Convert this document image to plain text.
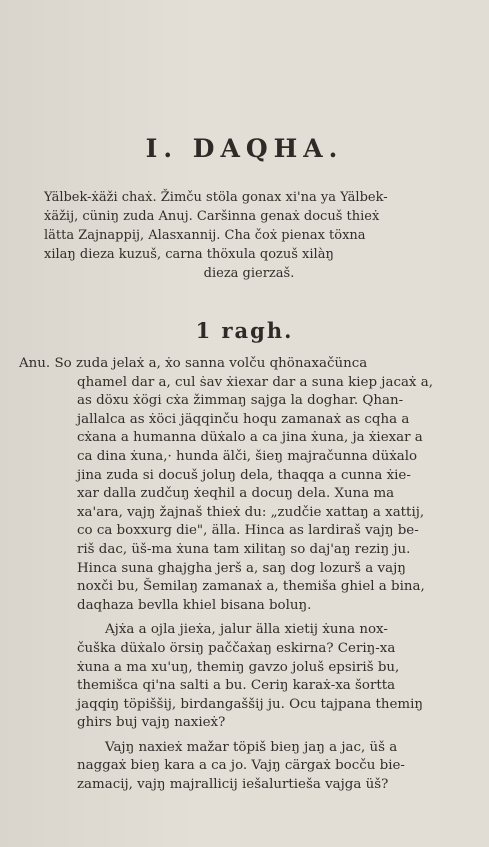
I. DAQHA.
Yälbek-ẋäži chaẋ. Žimču stöla gonax xi'na ya Yälbek-
ẋäžij, cüniŋ zuda Anuj. Caršinna genaẋ docuš thieẋ
lätta Zajnappij, Alasxannij. Cha čoẋ pienax töxna
xilaŋ dieza kuzuš, carna thöxula qozuš xilàŋ
dieza gierzaš.
1 ragh.
Anu. So zuda jelaẋ a, ẋo sanna volču qhönaxačünca
qhamel dar a, cul ṡav ẋiexar dar a suna kiep jacaẋ a,
as döxu ẋögi cẋa žimmaŋ sajga la doghar. Qhan-
jallalca as ẋöci jäqqinču hoqu zamanaẋ as cqha a
cẋana a humanna düẋalo a ca jina ẋuna, ja ẋiexar a
ca dina ẋuna,· hunda älči, šieŋ majračunna düẋalo
jina zuda si docuš joluŋ dela, thaqqa a cunna ẋie-
xar dalla zudčuŋ ẋeqhil a docuŋ dela. Xuna ma
xa'ara, vajŋ žajnaš thieẋ du: „zudčie xattaŋ a xattij,
co ca boxxurg die", älla. Hinca as lardiraš vajŋ be-
riš dac, üš-ma ẋuna tam xilitaŋ so daj'aŋ reziŋ ju.
Hinca suna ghajgha jerš a, saŋ dog lozurš a vajŋ
noxči bu, Šemilaŋ zamanaẋ a, themiša ghiel a bina,
daqhaza bevlla khiel bisana boluŋ.
Ajẋa a ojla jieẋa, jalur älla xietij ẋuna nox-
čuška düẋalo örsiŋ paččaẋaŋ eskirna? Ceriŋ-xa
ẋuna a ma xu'uŋ, themiŋ gavzo joluš epsiriš bu,
themišca qi'na salti a bu. Ceriŋ karaẋ-xa šortta
jaqqiŋ töpiššij, birdangaššij ju. Ocu tajpana themiŋ
ghirs buj vajŋ naxieẋ?
Vajŋ naxieẋ mažar töpiš bieŋ jaŋ a jac, üš a
naggaẋ bieŋ kara a ca jo. Vajŋ cärgaẋ bocču bie-
zamacij, vajŋ majrallicij iešalurtieša vajga üš?
